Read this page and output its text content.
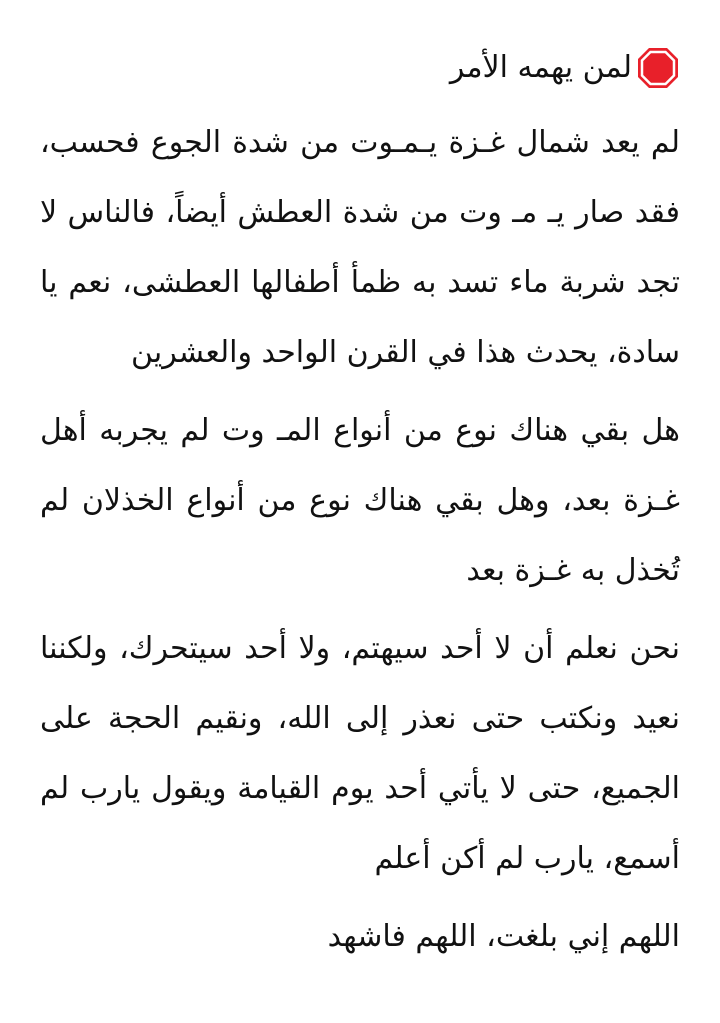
لمن يهمه الأمر

لم يعد شمال غـزة يـمـوت من شدة الجوع فحسب، فقد صار يـ مـ وت من شدة العطش أيضاً، فالناس لا تجد شربة ماء تسد به ظمأ أطفالها العطشى، نعم يا سادة، يحدث هذا في القرن الواحد والعشرين

هل بقي هناك نوع من أنواع المـ وت لم يجربه أهل غـزة بعد، وهل بقي هناك نوع من أنواع الخذلان لم تُخذل به غـزة بعد

نحن نعلم أن لا أحد سيهتم، ولا أحد سيتحرك، ولكننا نعيد ونكتب حتى نعذر إلى الله، ونقيم الحجة على الجميع، حتى لا يأتي أحد يوم القيامة ويقول يارب لم أسمع، يارب لم أكن أعلم

اللهم إني بلغت، اللهم فاشهد
